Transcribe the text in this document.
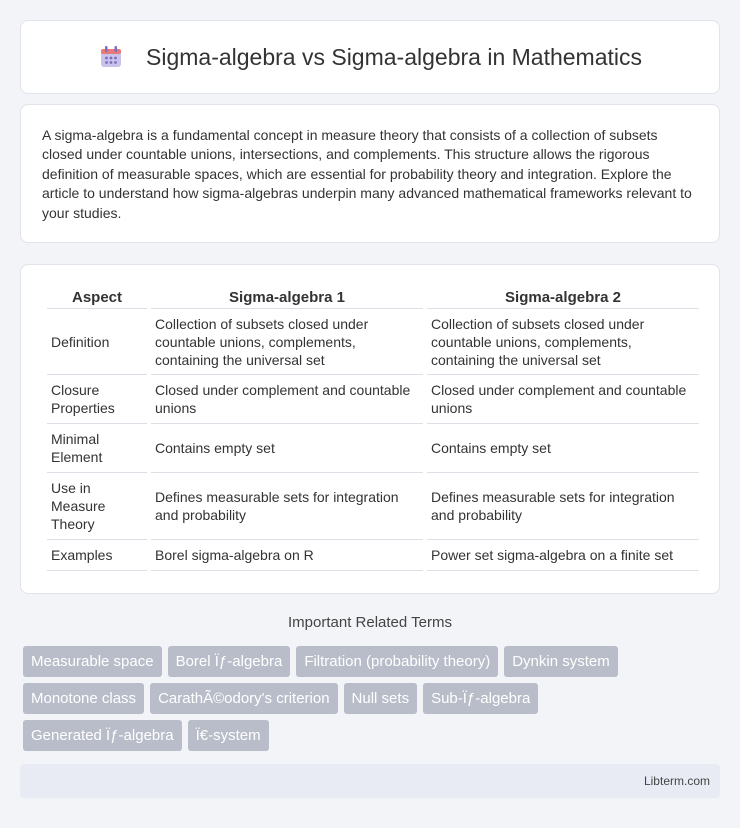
Sigma-algebra vs Sigma-algebra in Mathematics

A sigma-algebra is a fundamental concept in measure theory that consists of a collection of subsets closed under countable unions, intersections, and complements. This structure allows the rigorous definition of measurable spaces, which are essential for probability theory and integration. Explore the article to understand how sigma-algebras underpin many advanced mathematical frameworks relevant to your studies.

Aspect	Sigma-algebra 1	Sigma-algebra 2
Definition	Collection of subsets closed under countable unions, complements, containing the universal set	Collection of subsets closed under countable unions, complements, containing the universal set
Closure Properties	Closed under complement and countable unions	Closed under complement and countable unions
Minimal Element	Contains empty set	Contains empty set
Use in Measure Theory	Defines measurable sets for integration and probability	Defines measurable sets for integration and probability
Examples	Borel sigma-algebra on R	Power set sigma-algebra on a finite set
Important Related Terms
Measurable space	Borel Ïƒ-algebra	Filtration (probability theory)	Dynkin system
Monotone class	CarathÃ©odory's criterion	Null sets	Sub-Ïƒ-algebra
Generated Ïƒ-algebra	Ï€-system
Libterm.com
